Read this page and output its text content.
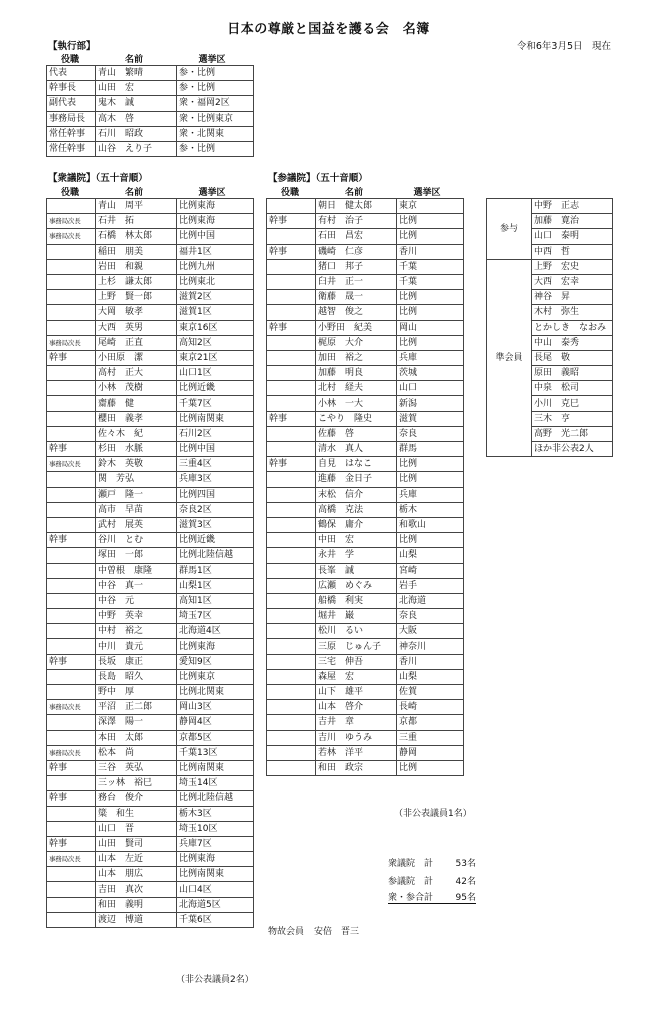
日本の尊厳と国益を護る会　名簿
令和6年3月5日　現在
【執行部】
役職	名前	選挙区
代表	青山　繁晴	参・比例
幹事長	山田　宏	参・比例
副代表	鬼木　誠	衆・福岡2区
事務局長	高木　啓	衆・比例東京
常任幹事	石川　昭政	衆・北関東
常任幹事	山谷　えり子	参・比例
【衆議院】（五十音順）
役職	名前	選挙区
	青山　周平	比例東海
事務局次長	石井　拓	比例東海
事務局次長	石橋　林太郎	比例中国
	稲田　朋美	福井1区
	岩田　和親	比例九州
	上杉　謙太郎	比例東北
	上野　賢一郎	滋賀2区
	大岡　敏孝	滋賀1区
	大西　英男	東京16区
事務局次長	尾崎　正直	高知2区
幹事	小田原　潔	東京21区
	高村　正大	山口1区
	小林　茂樹	比例近畿
	齋藤　健	千葉7区
	櫻田　義孝	比例南関東
	佐々木　紀	石川2区
幹事	杉田　水脈	比例中国
事務局次長	鈴木　英敬	三重4区
	関　芳弘	兵庫3区
	瀬戸　隆一	比例四国
	高市　早苗	奈良2区
	武村　展英	滋賀3区
幹事	谷川　とむ	比例近畿
	塚田　一郎	比例北陸信越
	中曽根　康隆	群馬1区
	中谷　真一	山梨1区
	中谷　元	高知1区
	中野　英幸	埼玉7区
	中村　裕之	北海道4区
	中川　貴元	比例東海
幹事	長坂　康正	愛知9区
	長島　昭久	比例東京
	野中　厚	比例北関東
事務局次長	平沼　正二郎	岡山3区
	深澤　陽一	静岡4区
	本田　太郎	京都5区
事務局次長	松本　尚	千葉13区
幹事	三谷　英弘	比例南関東
	三ッ林　裕巳	埼玉14区
幹事	務台　俊介	比例北陸信越
	簗　和生	栃木3区
	山口　晋	埼玉10区
幹事	山田　賢司	兵庫7区
事務局次長	山本　左近	比例東海
	山本　朋広	比例南関東
	吉田　真次	山口4区
	和田　義明	北海道5区
	渡辺　博道	千葉6区
（非公表議員2名）
【参議院】（五十音順）
役職	名前	選挙区
	朝日　健太郎	東京
幹事	有村　治子	比例
	石田　昌宏	比例
幹事	磯崎　仁彦	香川
	猪口　邦子	千葉
	臼井　正一	千葉
	衛藤　晟一	比例
	越智　俊之	比例
幹事	小野田　紀美	岡山
	梶原　大介	比例
	加田　裕之	兵庫
	加藤　明良	茨城
	北村　経夫	山口
	小林　一大	新潟
幹事	こやり　隆史	滋賀
	佐藤　啓	奈良
	清水　真人	群馬
幹事	自見　はなこ	比例
	進藤　金日子	比例
	末松　信介	兵庫
	高橋　克法	栃木
	鶴保　庸介	和歌山
	中田　宏	比例
	永井　学	山梨
	長峯　誠	宮崎
	広瀬　めぐみ	岩手
	船橋　利実	北海道
	堀井　巌	奈良
	松川　るい	大阪
	三原　じゅん子	神奈川
	三宅　伸吾	香川
	森屋　宏	山梨
	山下　雄平	佐賀
	山本　啓介	長崎
	吉井　章	京都
	吉川　ゆうみ	三重
	若林　洋平	静岡
	和田　政宗	比例
（非公表議員1名）
参与	中野　正志
	加藤　寛治
	山口　泰明
	中西　哲
準会員	上野　宏史
	大西　宏幸
	神谷　昇
	木村　弥生
	とかしき　なおみ
	中山　泰秀
	長尾　敬
	原田　義昭
	中泉　松司
	小川　克巳
	三木　亨
	高野　光二郎
	ほか非公表2人
衆議院　計	53名
参議院　計	42名
衆・参合計	95名
物故会員	安倍　晋三
